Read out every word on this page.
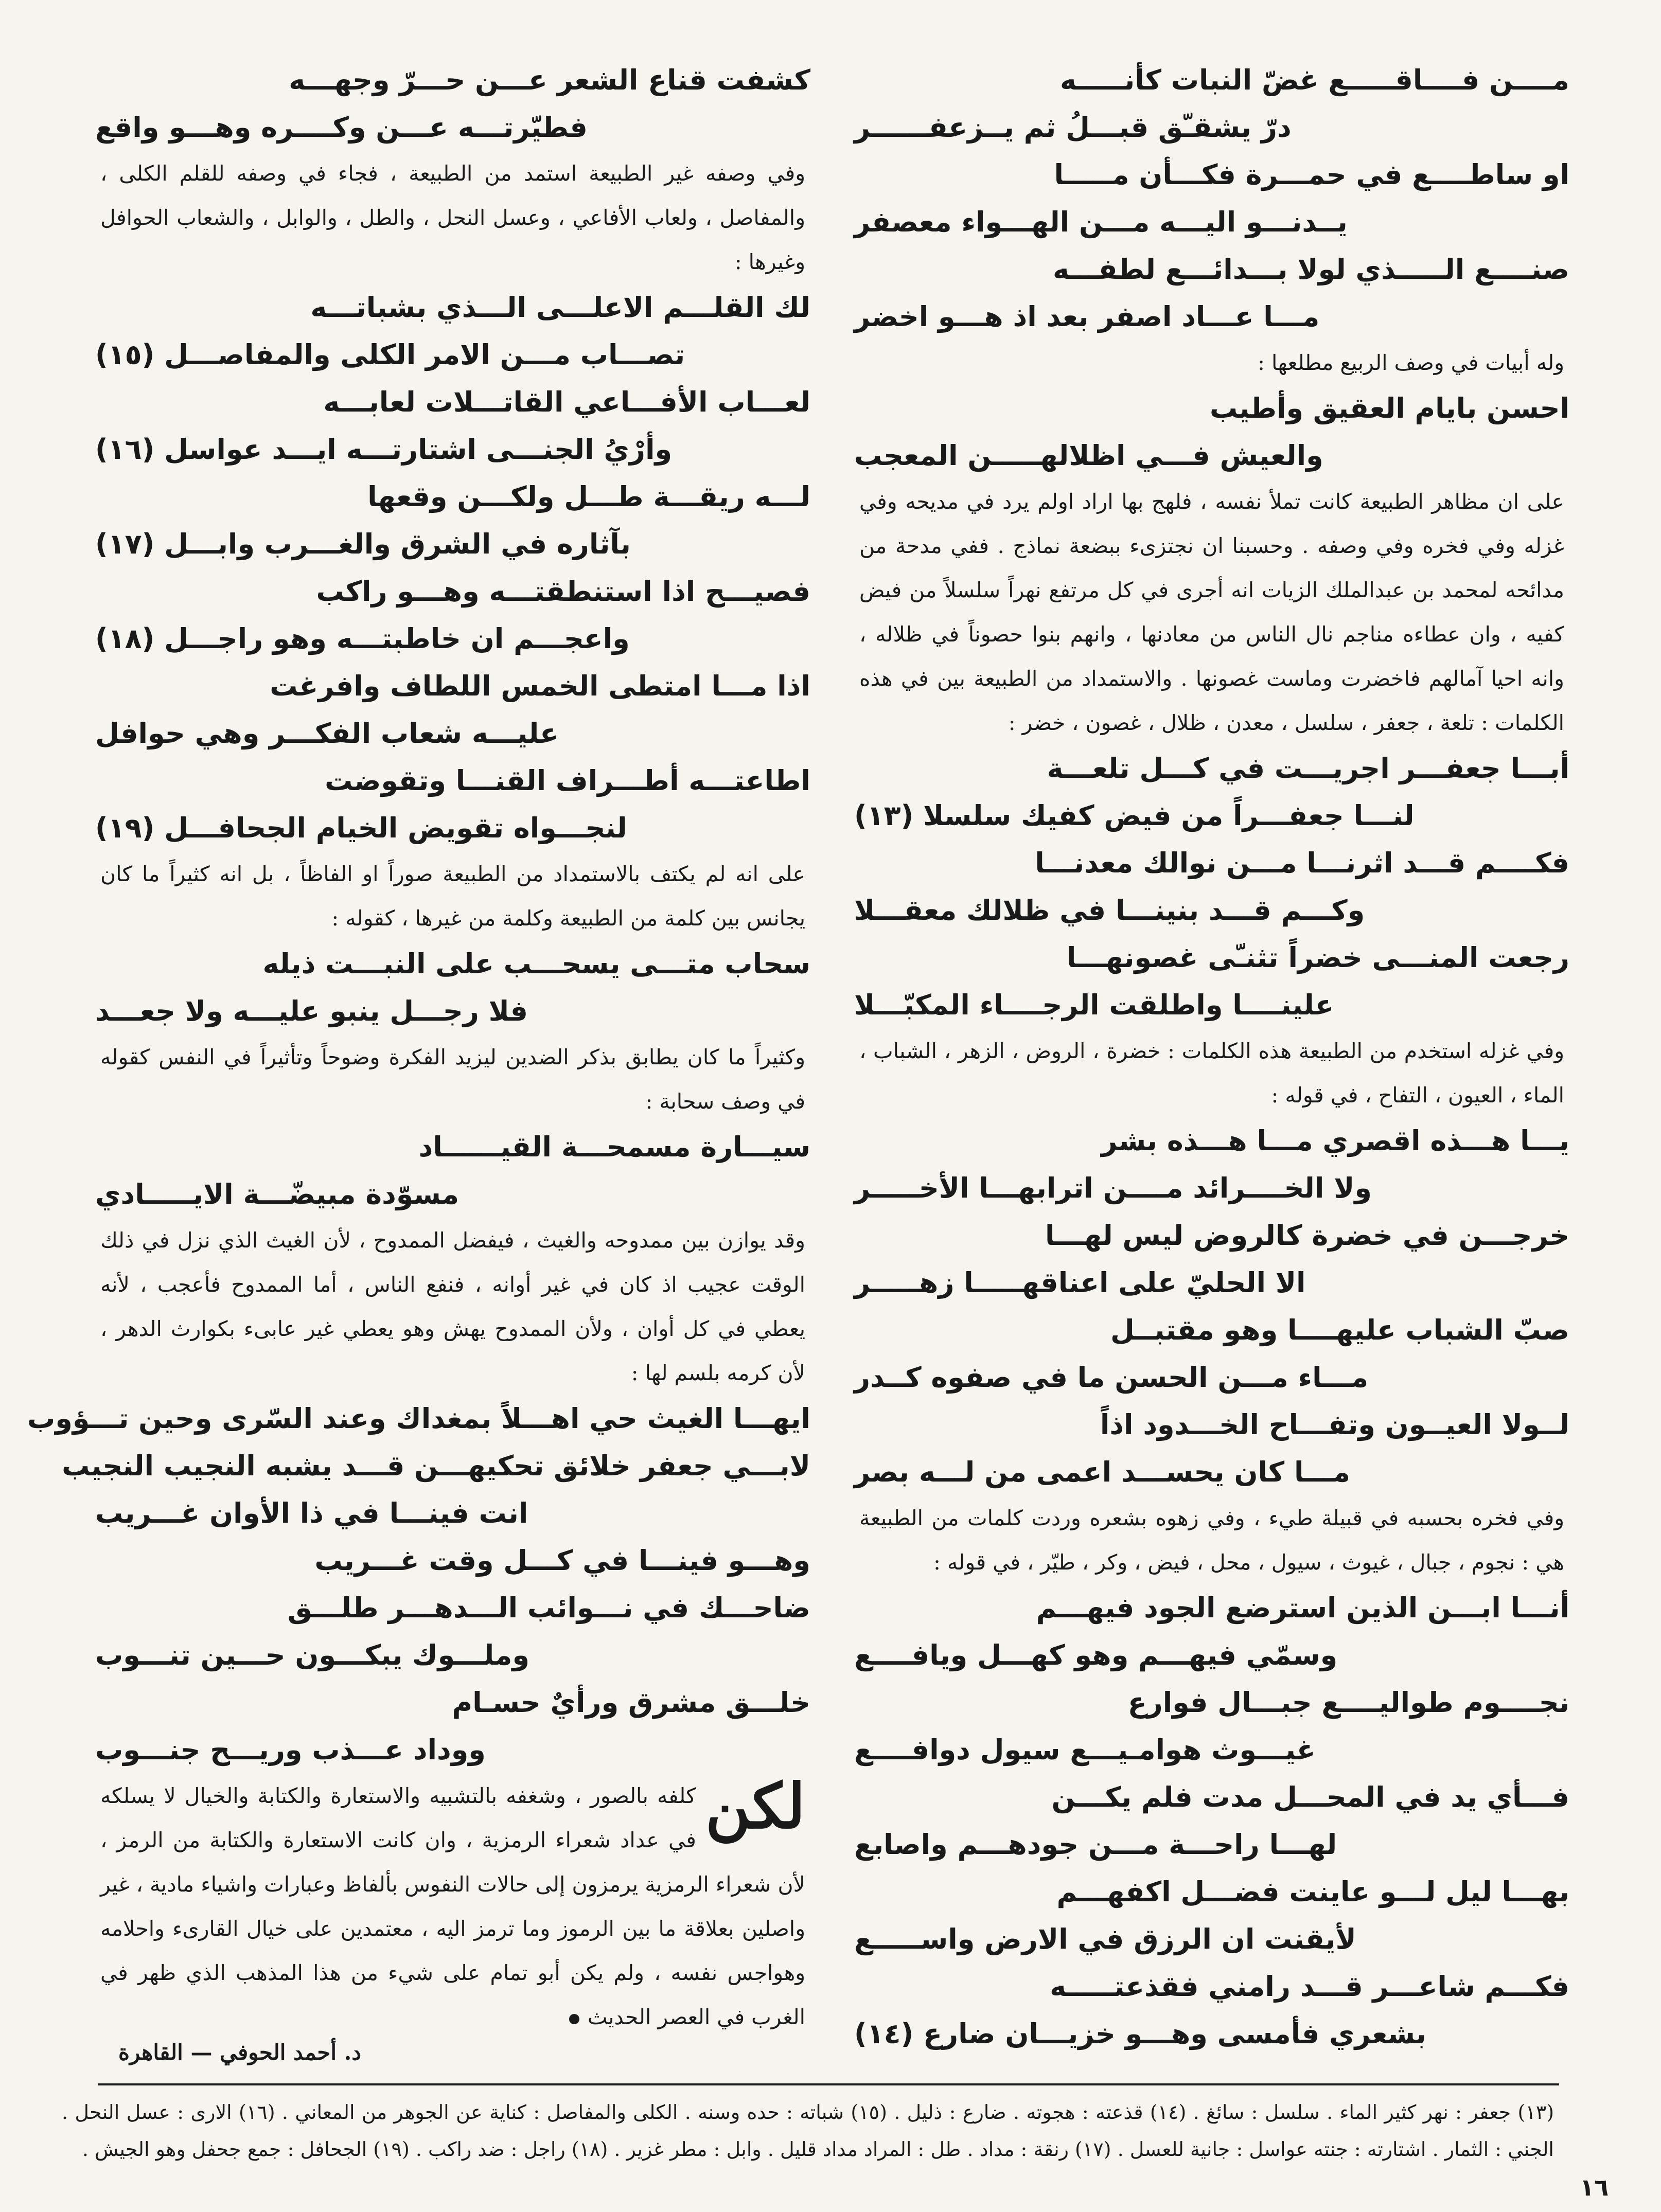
مــــن فــــاقـــــع غضّ النبات كأنـــــه

درّ يشقـّق قبـــلُ ثم يــزعفــــــر

او ساطــــع في حمـــرة فكـــأن مـــــا

يــدنـــو اليـــه مـــن الهـــواء معصفر

صنــــع الـــــذي لولا بـــدائـــع لطفـــه

مـــا عـــاد اصفر بعد اذ هـــو اخضر

وله أبيات في وصف الربيع مطلعها :

احسن بايام العقيق وأطيب

والعيش فـــي اظلالهـــــن المعجب

على ان مظاهر الطبيعة كانت تملأ نفسه ، فلهج بها اراد اولم يرد في مديحه وفي غزله وفي فخره وفي وصفه . وحسبنا ان نجتزىء ببضعة نماذج . ففي مدحة من مدائحه لمحمد بن عبدالملك الزيات انه أجرى في كل مرتفع نهراً سلسلاً من فيض كفيه ، وان عطاءه مناجم نال الناس من معادنها ، وانهم بنوا حصوناً في ظلاله ، وانه احيا آمالهم فاخضرت وماست غصونها . والاستمداد من الطبيعة بين في هذه الكلمات : تلعة ، جعفر ، سلسل ، معدن ، ظلال ، غصون ، خضر :

أبـــا جعفـــر اجريـــت في كـــل تلعـــة

لنـــا جعفـــراً من فيض كفيك سلسلا (١٣)

فكــــم قـــد اثرنـــا مـــن نوالك معدنـــا

وكـــم قـــد بنينـــا في ظلالك معقـــلا

رجعت المنـــى خضراً تثنـّى غصونهـــا

علينــــا واطلقت الرجــــاء المكبّـــلا

وفي غزله استخدم من الطبيعة هذه الكلمات : خضرة ، الروض ، الزهر ، الشباب ، الماء ، العيون ، التفاح ، في قوله :

يـــا هـــذه اقصري مـــا هـــذه بشر

ولا الخــــرائد مــــن اترابهـــا الأخـــــر

خرجـــن في خضرة كالروض ليس لهـــا

الا الحليّ على اعناقهـــــا زهـــــر

صبّ الشباب عليهــــا وهو مقتبــل

مـــاء مـــن الحسن ما في صفوه كــدر

لــولا العيــون وتفـــاح الخـــدود اذاً

مـــا كان يحســـد اعمى من لـــه بصر

وفي فخره بحسبه في قبيلة طيء ، وفي زهوه بشعره وردت كلمات من الطبيعة هي : نجوم ، جبال ، غيوث ، سيول ، محل ، فيض ، وكر ، طيّر ، في قوله :

أنـــا ابـــن الذين استرضع الجود فيهـــم

وسمّي فيهـــم وهو كهـــل ويافــــع

نجــــوم طواليــــع جبـــال فوارع

غيـــوث هوامـيـــع سيول دوافــــع

فـــأي يد في المحـــل مدت فلم يكـــن

لهـــا راحـــة مـــن جودهـــم واصابع

بهـــا ليل لـــو عاينت فضـــل اكفهـــم

لأيقنت ان الرزق في الارض واســـــع

فكـــم شاعـــر قـــد رامني فقذعتـــــه

بشعري فأمسى وهـــو خزيـــان ضارع (١٤)

كشفت قناع الشعر عـــن حـــرّ وجهـــه

فطيّرتـــه عـــن وكــــره وهـــو واقع

وفي وصفه غير الطبيعة استمد من الطبيعة ، فجاء في وصفه للقلم الكلى ، والمفاصل ، ولعاب الأفاعي ، وعسل النحل ، والطل ، والوابل ، والشعاب الحوافل وغيرها :

لك القلـــم الاعلـــى الـــذي بشباتـــه

تصـــاب مـــن الامر الكلى والمفاصـــل (١٥)

لعـــاب الأفـــاعي القاتـــلات لعابـــه

وأرْيُ الجنـــى اشتارتـــه ايـــد عواسل (١٦)

لـــه ريقـــة طـــل ولكـــن وقعها

بآثاره في الشرق والغـــرب وابـــل (١٧)

فصيـــح اذا استنطقتـــه وهـــو راكب

واعجـــم ان خاطبتـــه وهو راجـــل (١٨)

اذا مـــا امتطى الخمس اللطاف وافرغت

عليـــه شعاب الفكـــر وهي حوافل

اطاعتـــه أطـــراف القنـــا وتقوضت

لنجـــواه تقويض الخيام الجحافـــل (١٩)

على انه لم يكتف بالاستمداد من الطبيعة صوراً او الفاظاً ، بل انه كثيراً ما كان يجانس بين كلمة من الطبيعة وكلمة من غيرها ، كقوله :

سحاب متـــى يسحـــب على النبـــت ذيله

فلا رجـــل ينبو عليـــه ولا جعـــد

وكثيراً ما كان يطابق بذكر الضدين ليزيد الفكرة وضوحاً وتأثيراً في النفس كقوله في وصف سحابة :

سيـــارة مسمحـــة القيــــــاد

مسوّدة مبيضّـــة الايـــــادي

وقد يوازن بين ممدوحه والغيث ، فيفضل الممدوح ، لأن الغيث الذي نزل في ذلك الوقت عجيب اذ كان في غير أوانه ، فنفع الناس ، أما الممدوح فأعجب ، لأنه يعطي في كل أوان ، ولأن الممدوح يهش وهو يعطي غير عابىء بكوارث الدهر ، لأن كرمه بلسم لها :

ايهـــا الغيث حي اهـــلاً بمغداك وعند السّرى وحين تـــؤوب

لابـــي جعفر خلائق تحكيهـــن قـــد يشبه النجيب النجيب

انت فينـــا في ذا الأوان غـــريب

وهـــو فينـــا في كـــل وقت غـــريب

ضاحـــك في نـــوائب الـــدهـــر طلـــق

وملـــوك يبكـــون حـــين تنـــوب

خلـــق مشرق ورأيٌ حسـام

ووداد عـــذب وريـــح جنـــوب

لكن
كلفه بالصور ، وشغفه بالتشبيه والاستعارة والكتابة والخيال لا يسلكه في عداد شعراء الرمزية ، وان كانت الاستعارة والكتابة من الرمز ، لأن شعراء الرمزية يرمزون إلى حالات النفوس بألفاظ وعبارات واشياء مادية ، غير واصلين بعلاقة ما بين الرموز وما ترمز اليه ، معتمدين على خيال القارىء واحلامه وهواجس نفسه ، ولم يكن أبو تمام على شيء من هذا المذهب الذي ظهر في الغرب في العصر الحديث

د. أحمد الحوفي — القاهرة
(١٣) جعفر : نهر كثير الماء . سلسل : سائغ . (١٤) قذعته : هجوته . ضارع : ذليل . (١٥) شباته : حده وسنه . الكلى والمفاصل : كناية عن الجوهر من المعاني . (١٦) الارى : عسل النحل . الجني : الثمار . اشتارته : جنته عواسل : جانية للعسل . (١٧) رنقة : مداد . طل : المراد مداد قليل . وابل : مطر غزير . (١٨) راجل : ضد راكب . (١٩) الجحافل : جمع جحفل وهو الجيش .
١٦
